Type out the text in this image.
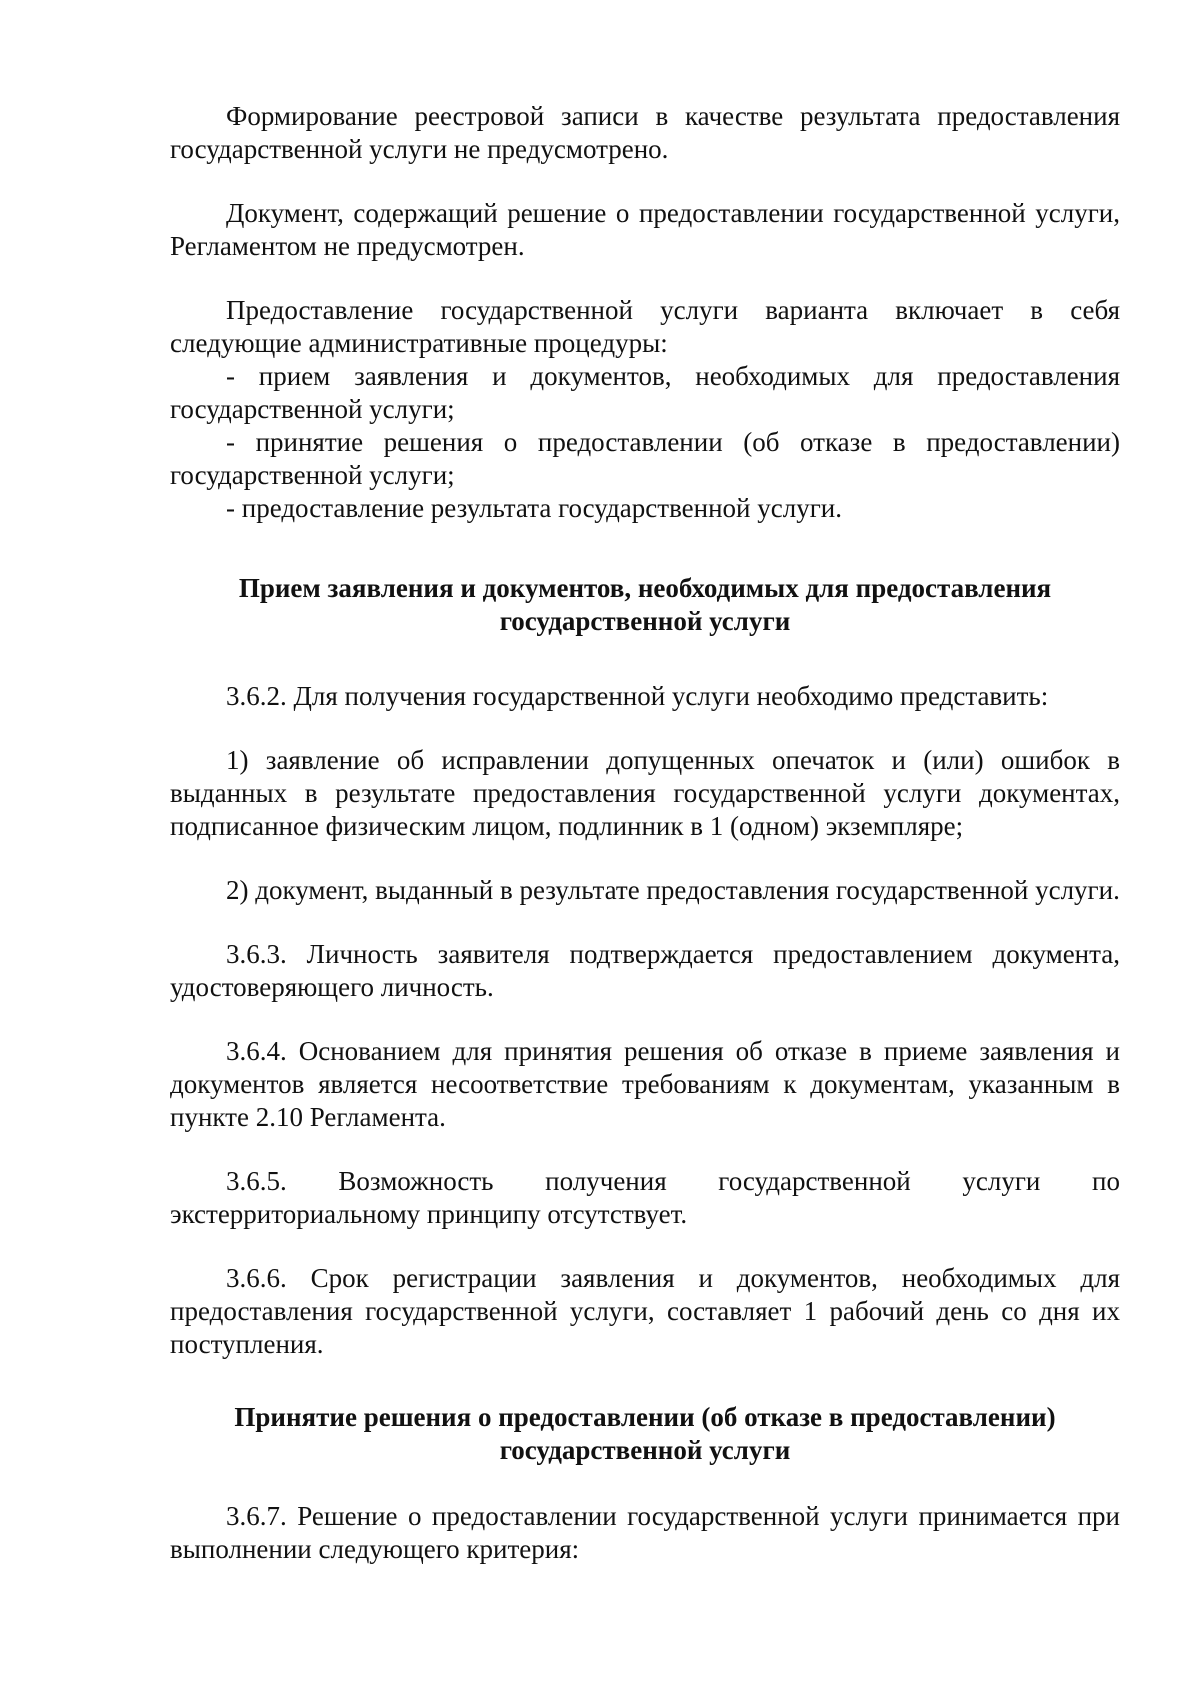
Формирование реестровой записи в качестве результата предоставления государственной услуги не предусмотрено.

Документ, содержащий решение о предоставлении государственной услуги, Регламентом не предусмотрен.

Предоставление государственной услуги варианта включает в себя следующие административные процедуры:

- прием заявления и документов, необходимых для предоставления государственной услуги;

- принятие решения о предоставлении (об отказе в предоставлении) государственной услуги;

- предоставление результата государственной услуги.

Прием заявления и документов, необходимых для предоставления
государственной услуги

3.6.2. Для получения государственной услуги необходимо представить:

1) заявление об исправлении допущенных опечаток и (или) ошибок в выданных в результате предоставления государственной услуги документах, подписанное физическим лицом, подлинник в 1 (одном) экземпляре;

2) документ, выданный в результате предоставления государственной услуги.

3.6.3. Личность заявителя подтверждается предоставлением документа, удостоверяющего личность.

3.6.4. Основанием для принятия решения об отказе в приеме заявления и документов является несоответствие требованиям к документам, указанным в пункте 2.10 Регламента.

3.6.5. Возможность получения государственной услуги по
экстерриториальному принципу отсутствует.

3.6.6. Срок регистрации заявления и документов, необходимых для предоставления государственной услуги, составляет 1 рабочий день со дня их поступления.

Принятие решения о предоставлении (об отказе в предоставлении)
государственной услуги

3.6.7. Решение о предоставлении государственной услуги принимается при выполнении следующего критерия:
